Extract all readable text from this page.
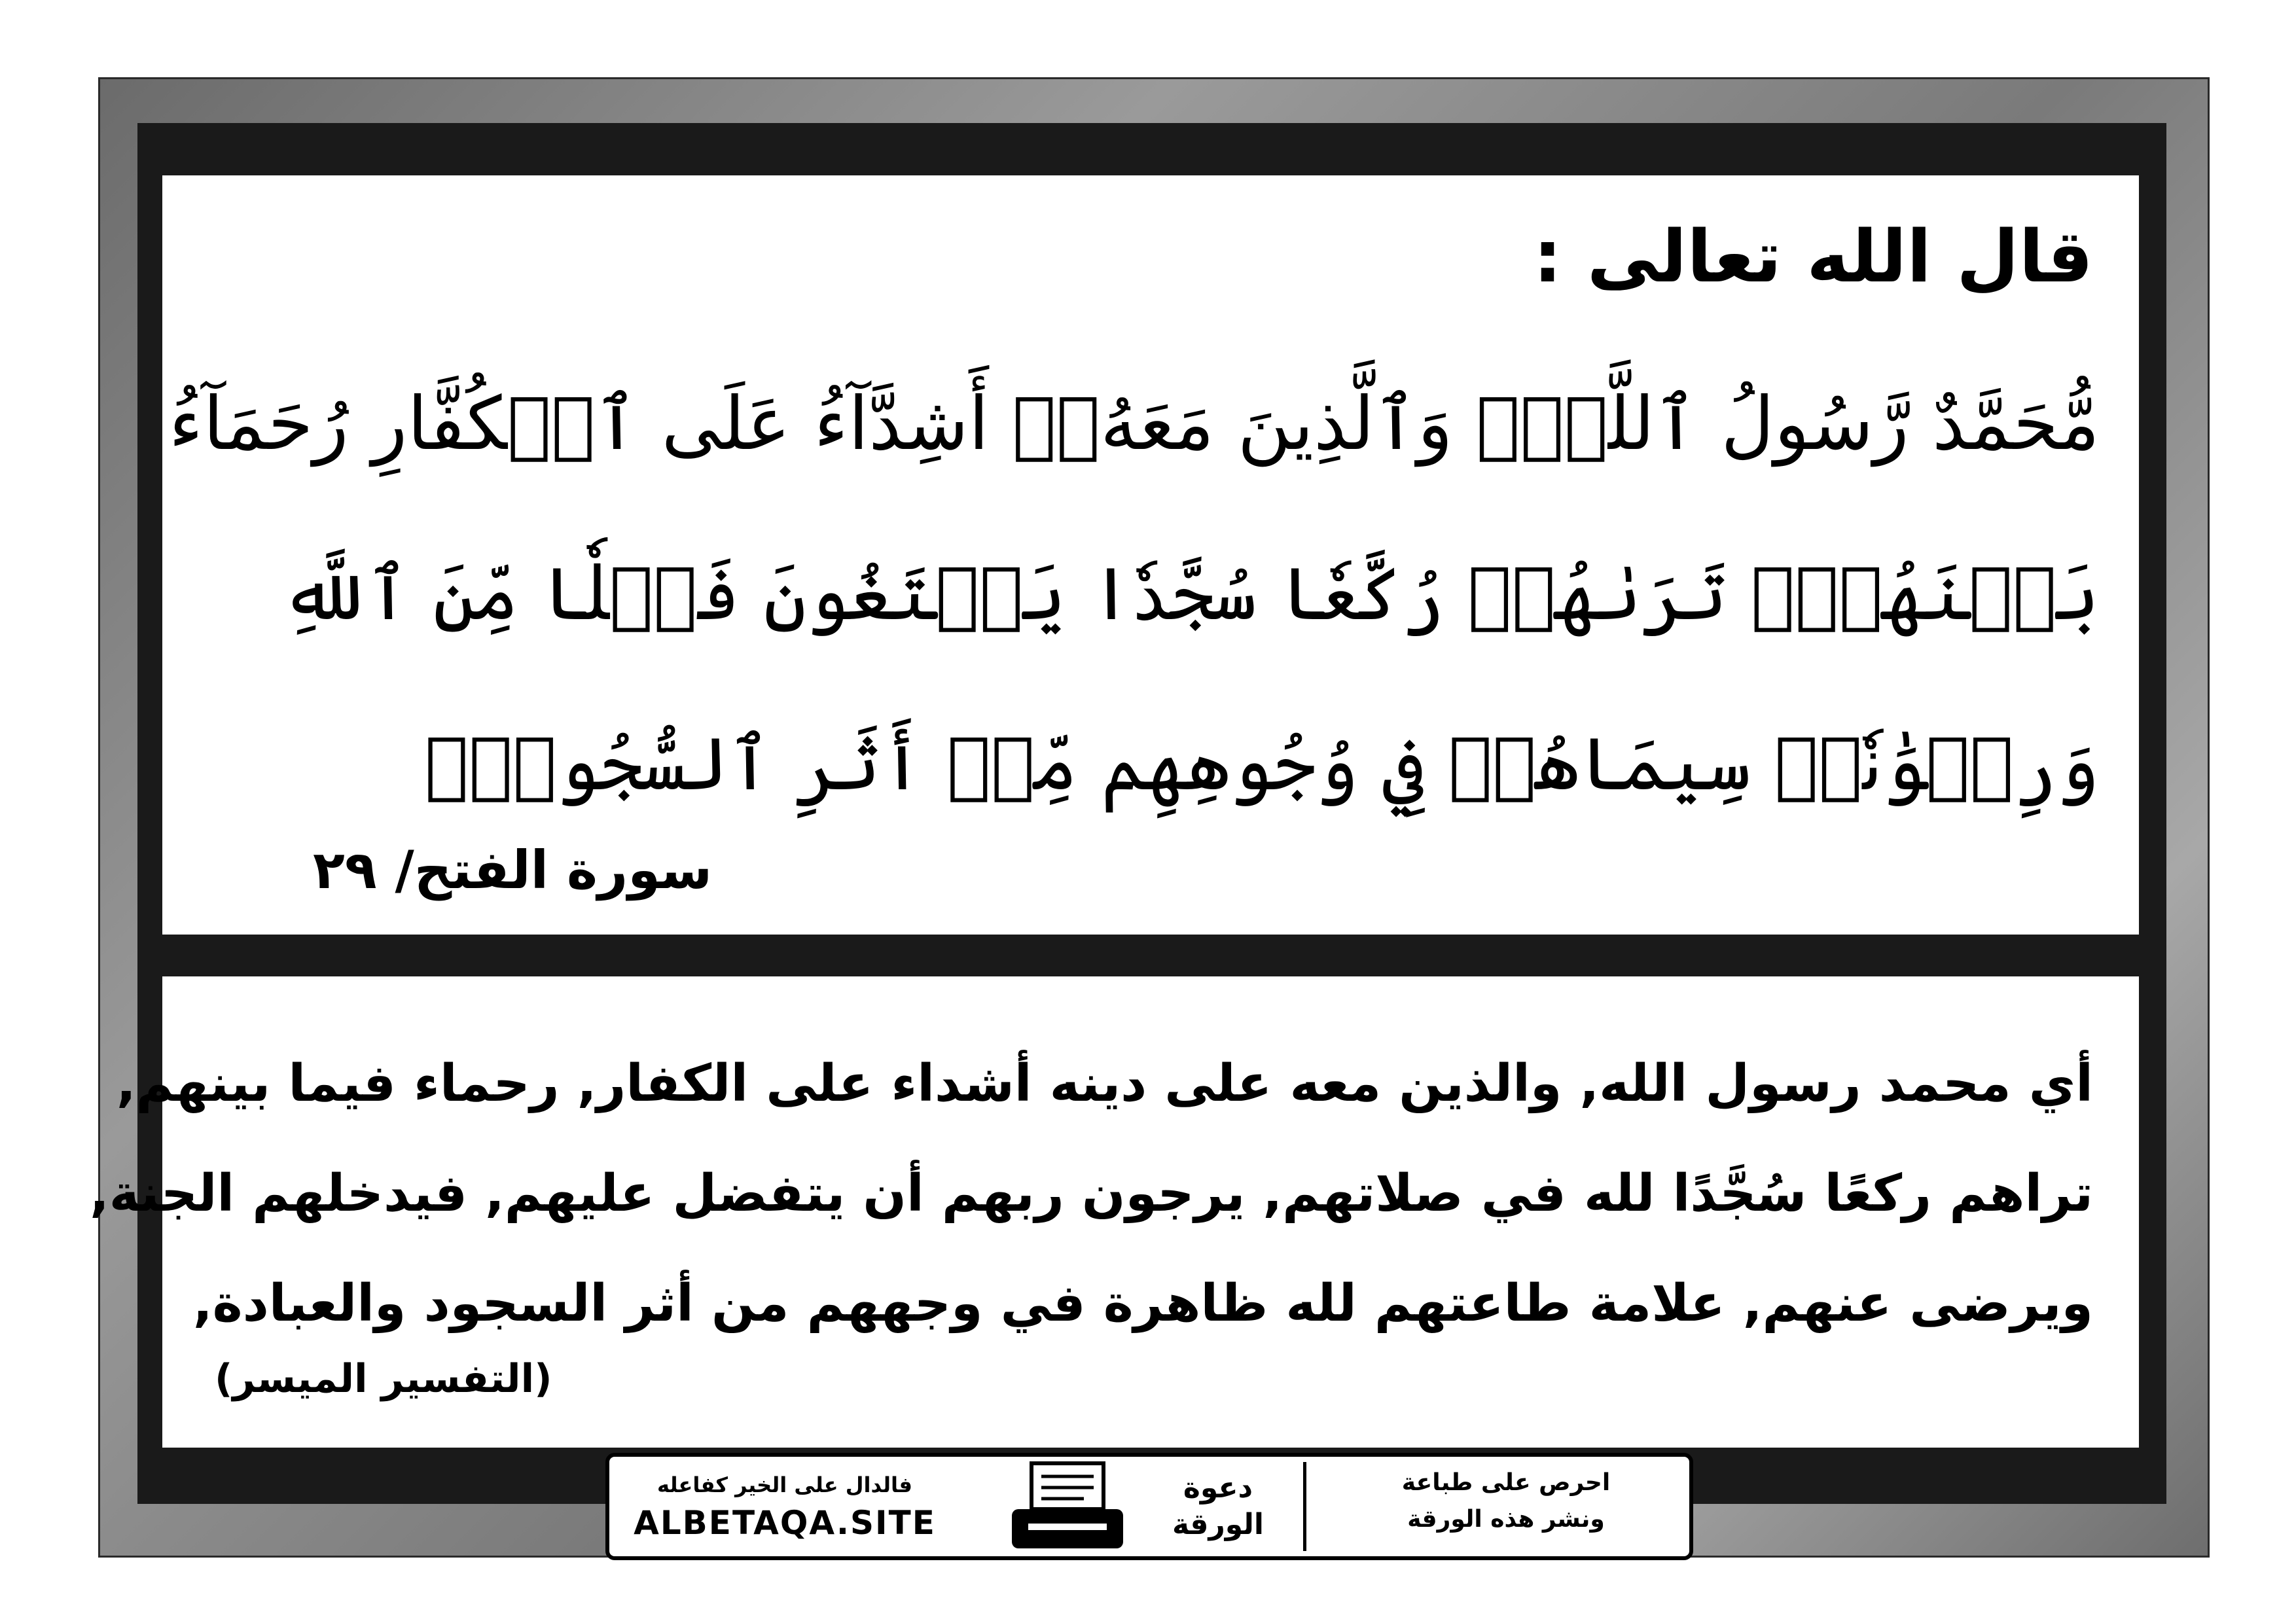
قال الله تعالى :
مُّحَمَّدٌ رَّسُولُ ٱللَّهِۚ وَٱلَّذِينَ مَعَهُۥٓ أَشِدَّآءُ عَلَى ٱلۡكُفَّارِ رُحَمَآءُ
بَيۡنَهُمۡۖ تَرَىٰهُمۡ رُكَّعٗا سُجَّدٗا يَبۡتَغُونَ فَضۡلٗا مِّنَ ٱللَّهِ
وَرِضۡوَٰنٗاۖ سِيمَاهُمۡ فِي وُجُوهِهِم مِّنۡ أَثَرِ ٱلسُّجُودِۚ
سورة الفتح/ ٢٩
أي محمد رسول الله, والذين معه على دينه أشداء على الكفار, رحماء فيما بينهم,
تراهم ركعًا سُجَّدًا لله في صلاتهم, يرجون ربهم أن يتفضل عليهم, فيدخلهم الجنة,
ويرضى عنهم, علامة طاعتهم لله ظاهرة في وجههم من أثر السجود والعبادة,
(التفسير الميسر)
فالدال على الخير كفاعله
ALBETAQA.SITE
دعوة
الورقة
احرص على طباعة
ونشر هذه الورقة
